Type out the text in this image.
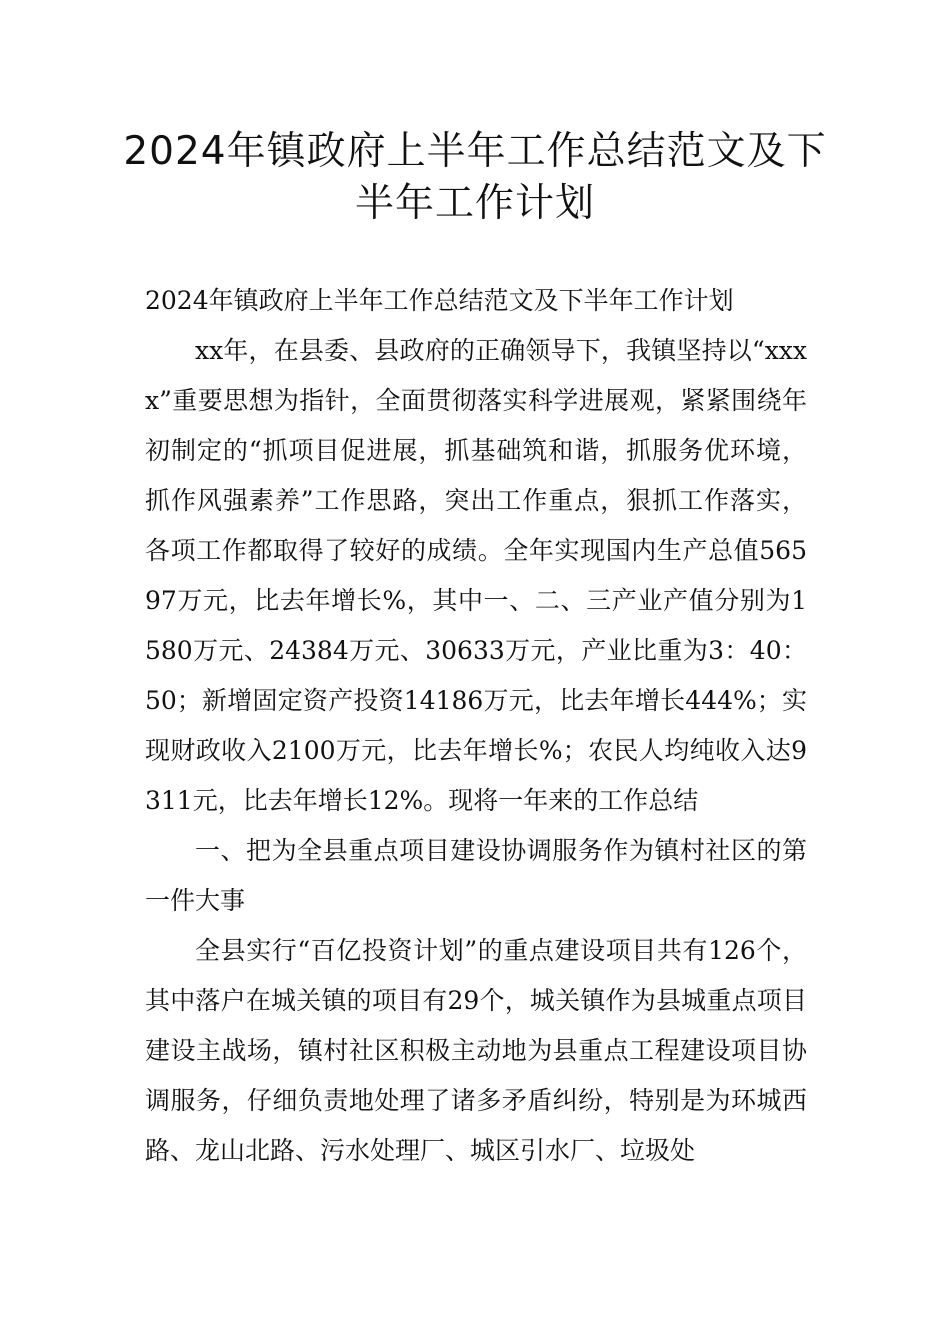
2024年镇政府上半年工作总结范文及下
半年工作计划

2024年镇政府上半年工作总结范文及下半年工作计划

xx年，在县委、县政府的正确领导下，我镇坚持以“xxxx”重要思想为指针，全面贯彻落实科学进展观，紧紧围绕年初制定的“抓项目促进展，抓基础筑和谐，抓服务优环境，抓作风强素养”工作思路，突出工作重点，狠抓工作落实，各项工作都取得了较好的成绩。全年实现国内生产总值56597万元，比去年增长%，其中一、二、三产业产值分别为1580万元、24384万元、30633万元，产业比重为3：40：50；新增固定资产投资14186万元，比去年增长444%；实现财政收入2100万元，比去年增长%；农民人均纯收入达9311元，比去年增长12%。现将一年来的工作总结

一、把为全县重点项目建设协调服务作为镇村社区的第一件大事

全县实行“百亿投资计划”的重点建设项目共有126个，其中落户在城关镇的项目有29个，城关镇作为县城重点项目建设主战场，镇村社区积极主动地为县重点工程建设项目协调服务，仔细负责地处理了诸多矛盾纠纷，特别是为环城西路、龙山北路、污水处理厂、城区引水厂、垃圾处
